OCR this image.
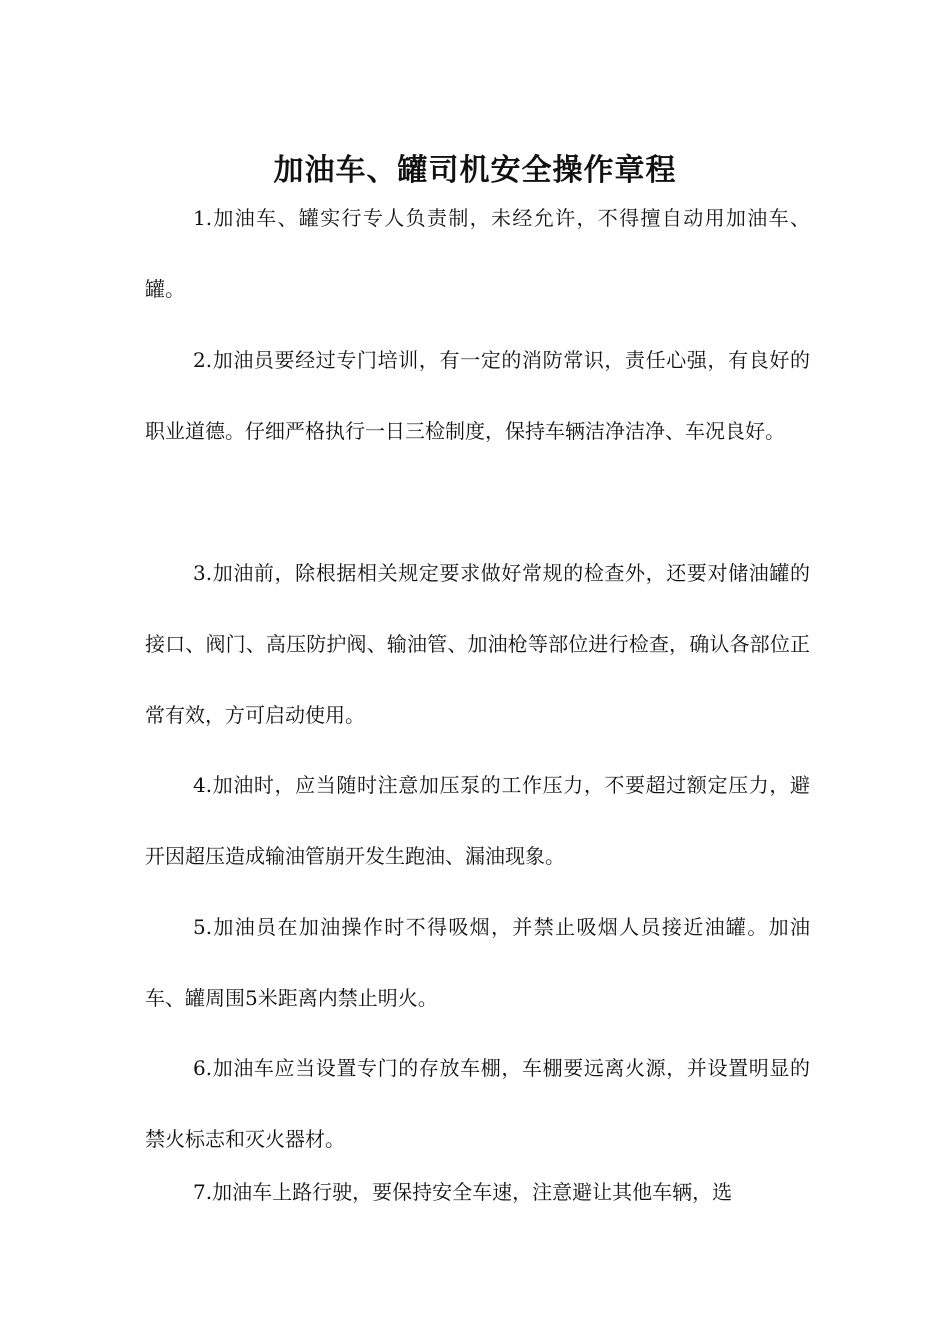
加油车、罐司机安全操作章程

1.加油车、罐实行专人负责制，未经允许，不得擅自动用加油车、罐。

2.加油员要经过专门培训，有一定的消防常识，责任心强，有良好的职业道德。仔细严格执行一日三检制度，保持车辆洁净洁净、车况良好。

3.加油前，除根据相关规定要求做好常规的检查外，还要对储油罐的接口、阀门、高压防护阀、输油管、加油枪等部位进行检查，确认各部位正常有效，方可启动使用。

4.加油时，应当随时注意加压泵的工作压力，不要超过额定压力，避开因超压造成输油管崩开发生跑油、漏油现象。

5.加油员在加油操作时不得吸烟，并禁止吸烟人员接近油罐。加油车、罐周围5米距离内禁止明火。

6.加油车应当设置专门的存放车棚，车棚要远离火源，并设置明显的禁火标志和灭火器材。

7.加油车上路行驶，要保持安全车速，注意避让其他车辆，选
